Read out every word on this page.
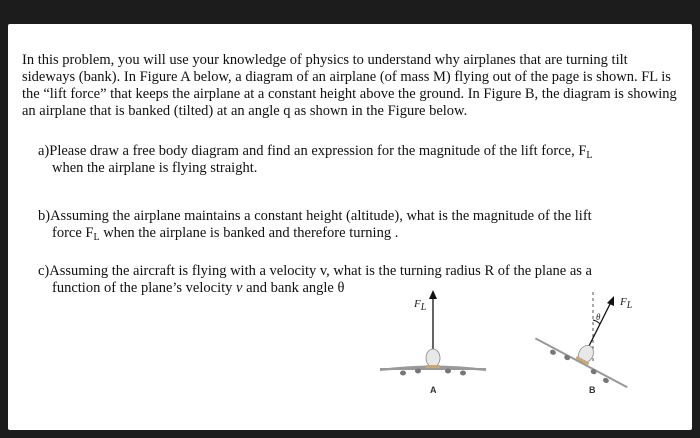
In this problem, you will use your knowledge of physics to understand why airplanes that are turning tilt sideways (bank). In Figure A below, a diagram of an airplane (of mass M) flying out of the page is shown. FL is the “lift force” that keeps the airplane at a constant height above the ground. In Figure B, the diagram is showing an airplane that is banked (tilted) at an angle q as shown in the Figure below.

a)Please draw a free body diagram and find an expression for the magnitude of the lift force, $F_L$
when the airplane is flying straight.

b)Assuming the airplane maintains a constant height (altitude), what is the magnitude of the lift
force $F_L$ when the airplane is banked and therefore turning .

c)Assuming the aircraft is flying with a velocity v, what is the turning radius R of the plane as a
function of the plane’s velocity v and bank angle θ

$F_L$	$F_L$
θ
A	B
